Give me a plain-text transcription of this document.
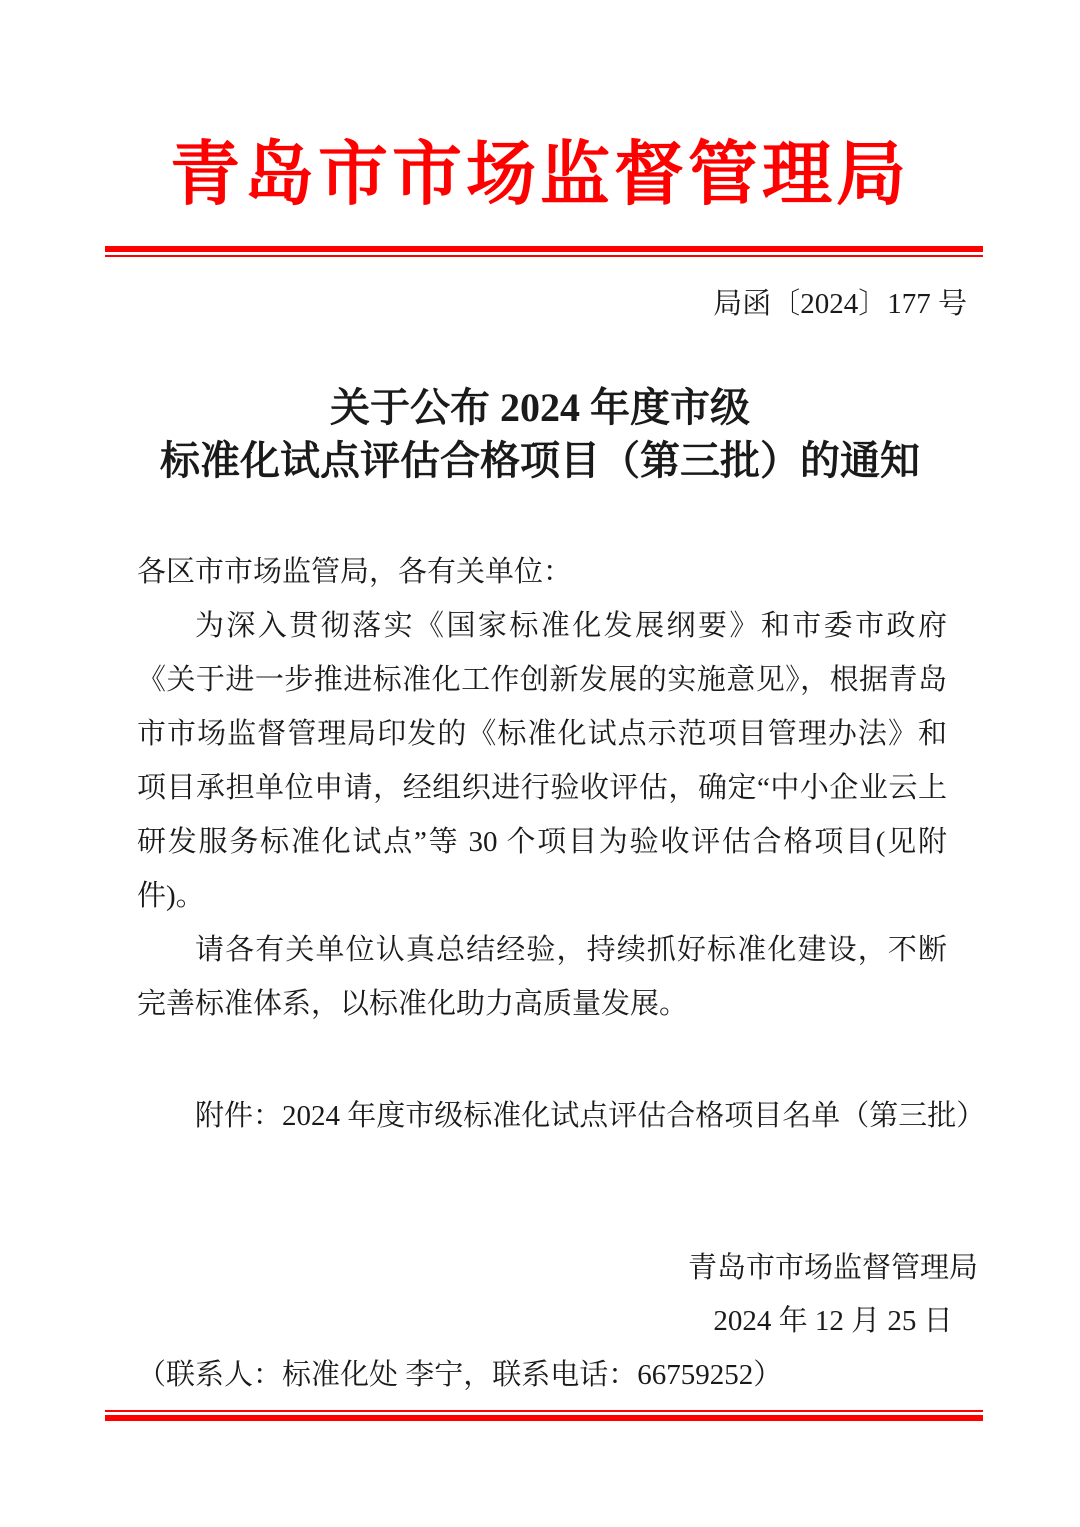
青岛市市场监督管理局
局函〔2024〕177 号
关于公布 2024 年度市级
标准化试点评估合格项目（第三批）的通知

各区市市场监管局，各有关单位：

为深入贯彻落实《国家标准化发展纲要》和市委市政府《关于进一步推进标准化工作创新发展的实施意见》，根据青岛市市场监督管理局印发的《标准化试点示范项目管理办法》和项目承担单位申请，经组织进行验收评估，确定“中小企业云上研发服务标准化试点”等 30 个项目为验收评估合格项目(见附件)。

请各有关单位认真总结经验，持续抓好标准化建设，不断完善标准体系，以标准化助力高质量发展。

附件：2024 年度市级标准化试点评估合格项目名单（第三批）

青岛市市场监督管理局
2024 年 12 月 25 日

（联系人：标准化处 李宁，联系电话：66759252）
